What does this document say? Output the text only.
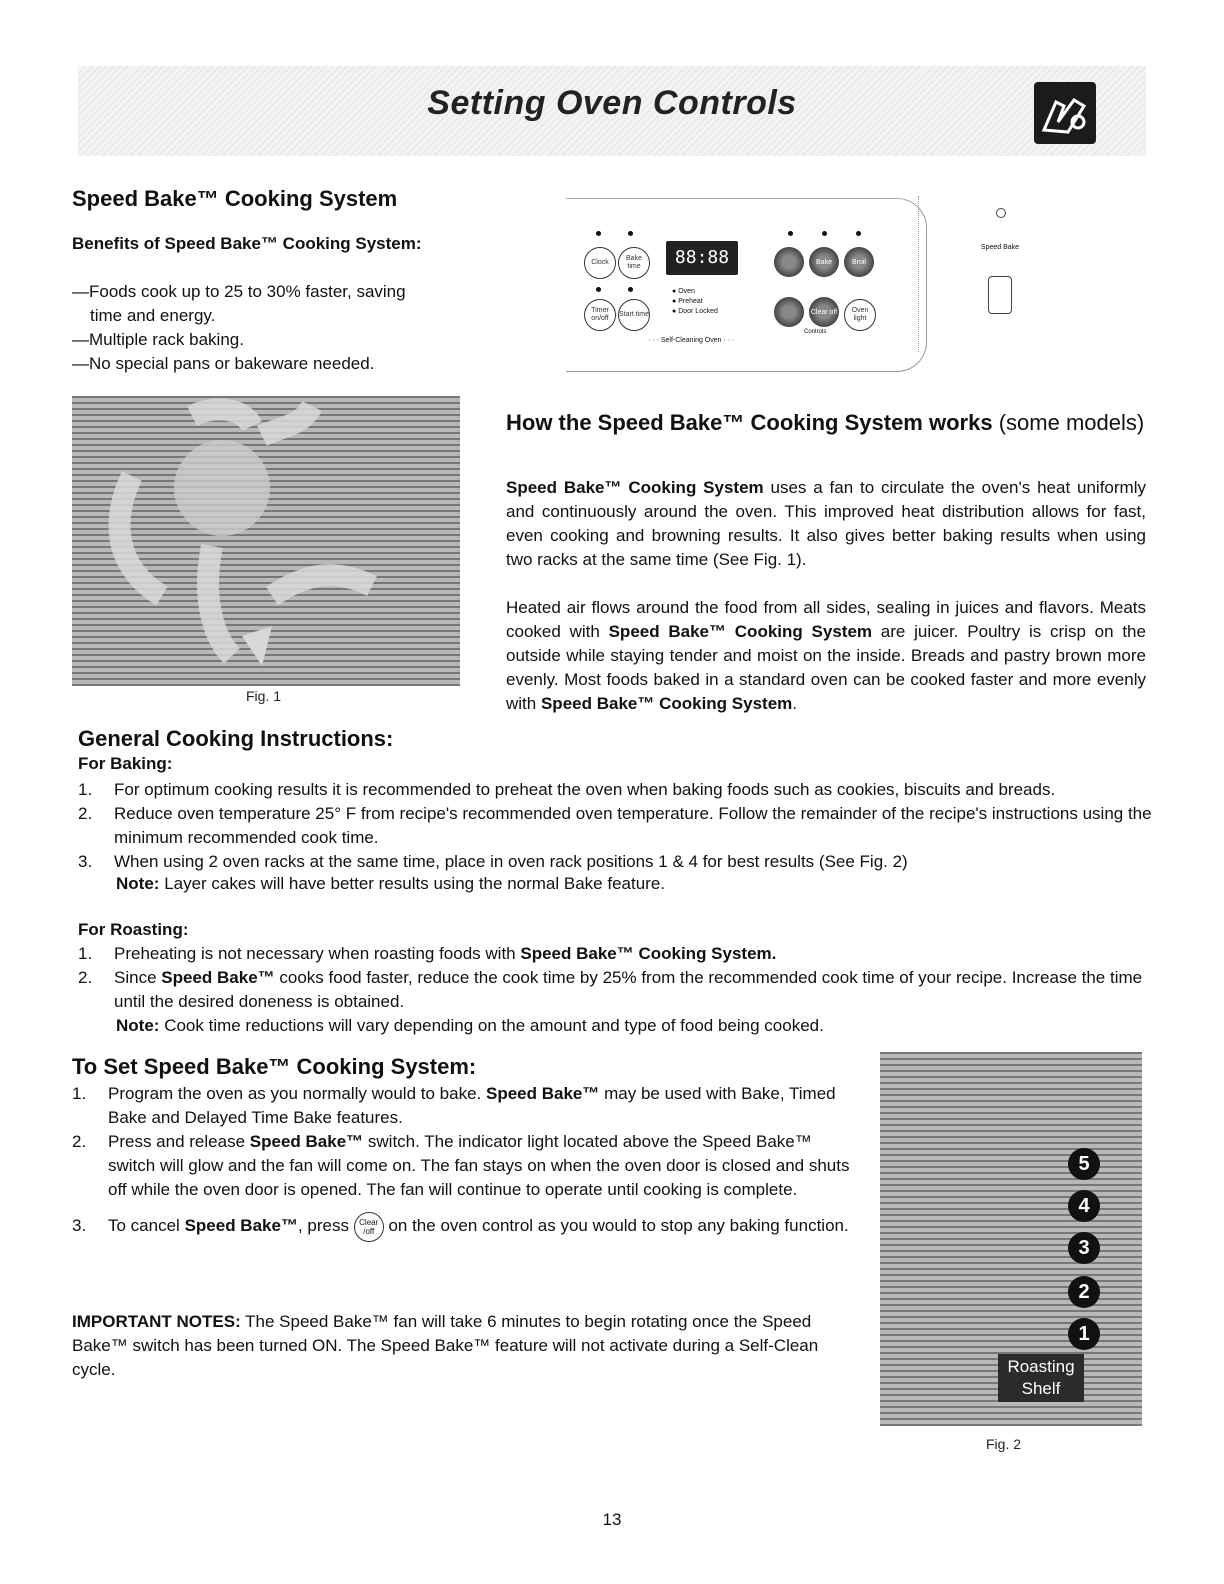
Setting Oven Controls
Speed Bake™ Cooking System
Benefits of Speed Bake™ Cooking System:
—Foods cook up to 25 to 30% faster, saving time and energy.
—Multiple rack baking.
—No special pans or bakeware needed.
Clock
Bake time	88:88	Bake	Broil
Timer on/off
Start time
● Oven
● Preheat
● Door Locked
· · · Self-Cleaning Oven · · ·
Clear off	Oven light
Controls
Speed Bake
Fig. 1
How the Speed Bake™ Cooking System works (some models)
Speed Bake™ Cooking System uses a fan to circulate the oven's heat uniformly and continuously around the oven. This improved heat distribution allows for fast, even cooking and browning results. It also gives better baking results when using two racks at the same time (See Fig. 1).
Heated air flows around the food from all sides, sealing in juices and flavors. Meats cooked with Speed Bake™ Cooking System are juicer. Poultry is crisp on the outside while staying tender and moist on the inside. Breads and pastry brown more evenly. Most foods baked in a standard oven can be cooked faster and more evenly with Speed Bake™ Cooking System.
General Cooking Instructions:
For Baking:
1. For optimum cooking results it is recommended to preheat the oven when baking foods such as cookies, biscuits and breads.
2. Reduce oven temperature 25° F from recipe's recommended oven temperature. Follow the remainder of the recipe's instructions using the minimum recommended cook time.
3. When using 2 oven racks at the same time, place in oven rack positions 1 & 4 for best results (See Fig. 2)
Note: Layer cakes will have better results using the normal Bake feature.
For Roasting:
1. Preheating is not necessary when roasting foods with Speed Bake™ Cooking System.
2. Since Speed Bake™ cooks food faster, reduce the cook time by 25% from the recommended cook time of your recipe. Increase the time until the desired doneness is obtained.
Note: Cook time reductions will vary depending on the amount and type of food being cooked.
To Set Speed Bake™ Cooking System:
1. Program the oven as you normally would to bake. Speed Bake™ may be used with Bake, Timed Bake and Delayed Time Bake features.
2. Press and release Speed Bake™ switch. The indicator light located above the Speed Bake™ switch will glow and the fan will come on. The fan stays on when the oven door is closed and shuts off while the oven door is opened. The fan will continue to operate until cooking is complete.
3. To cancel Speed Bake™, press Clear /off on the oven control as you would to stop any baking function.
IMPORTANT NOTES: The Speed Bake™ fan will take 6 minutes to begin rotating once the Speed Bake™ switch has been turned ON. The Speed Bake™ feature will not activate during a Self-Clean cycle.
5
4
3
2
1
Roasting Shelf
Fig. 2
13
